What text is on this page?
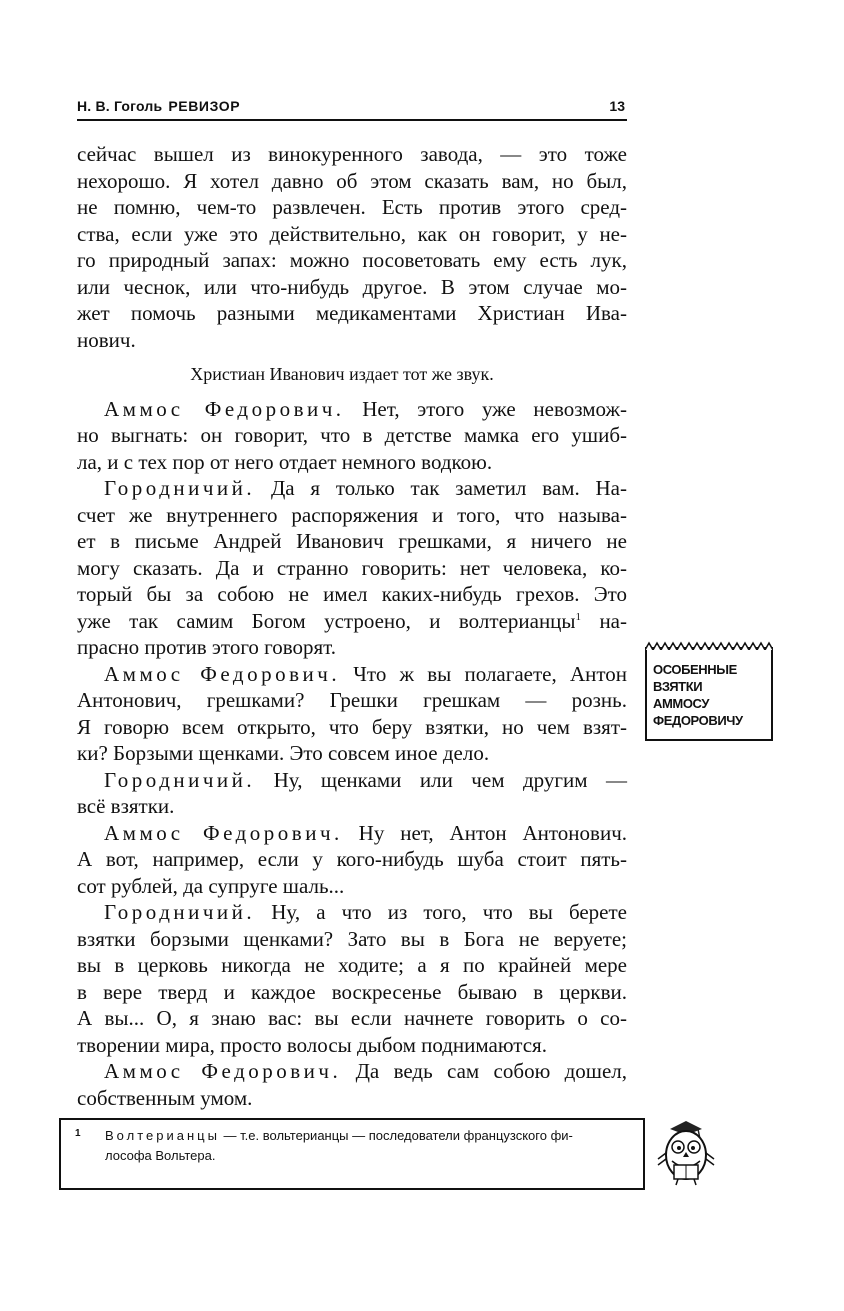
Н. В. Гоголь РЕВИЗОР	13
сейчас вышел из винокуренного завода, — это тоже
нехорошо. Я хотел давно об этом сказать вам, но был,
не помню, чем-то развлечен. Есть против этого сред-
ства, если уже это действительно, как он говорит, у не-
го природный запах: можно посоветовать ему есть лук,
или чеснок, или что-нибудь другое. В этом случае мо-
жет помочь разными медикаментами Христиан Ива-
нович.
Христиан Иванович издает тот же звук.
Аммос Федорович. Нет, этого уже невозмож-
но выгнать: он говорит, что в детстве мамка его ушиб-
ла, и с тех пор от него отдает немного водкою.
Городничий. Да я только так заметил вам. На-
счет же внутреннего распоряжения и того, что называ-
ет в письме Андрей Иванович грешками, я ничего не
могу сказать. Да и странно говорить: нет человека, ко-
торый бы за собою не имел каких-нибудь грехов. Это
уже так самим Богом устроено, и волтерианцы$^1$ на-
прасно против этого говорят.
Аммос Федорович. Что ж вы полагаете, Антон
Антонович, грешками? Грешки грешкам — рознь.
Я говорю всем открыто, что беру взятки, но чем взят-
ки? Борзыми щенками. Это совсем иное дело.
Городничий. Ну, щенками или чем другим —
всё взятки.
Аммос Федорович. Ну нет, Антон Антонович.
А вот, например, если у кого-нибудь шуба стоит пять-
сот рублей, да супруге шаль...
Городничий. Ну, а что из того, что вы берете
взятки борзыми щенками? Зато вы в Бога не веруете;
вы в церковь никогда не ходите; а я по крайней мере
в вере тверд и каждое воскресенье бываю в церкви.
А вы... О, я знаю вас: вы если начнете говорить о со-
творении мира, просто волосы дыбом поднимаются.
Аммос Федорович. Да ведь сам собою дошел,
собственным умом.
ОСОБЕННЫЕ
ВЗЯТКИ
АММОСУ
ФЕДОРОВИЧУ
1	Волтерианцы — т.е. вольтерианцы — последователи французского фи-
лософа Вольтера.
